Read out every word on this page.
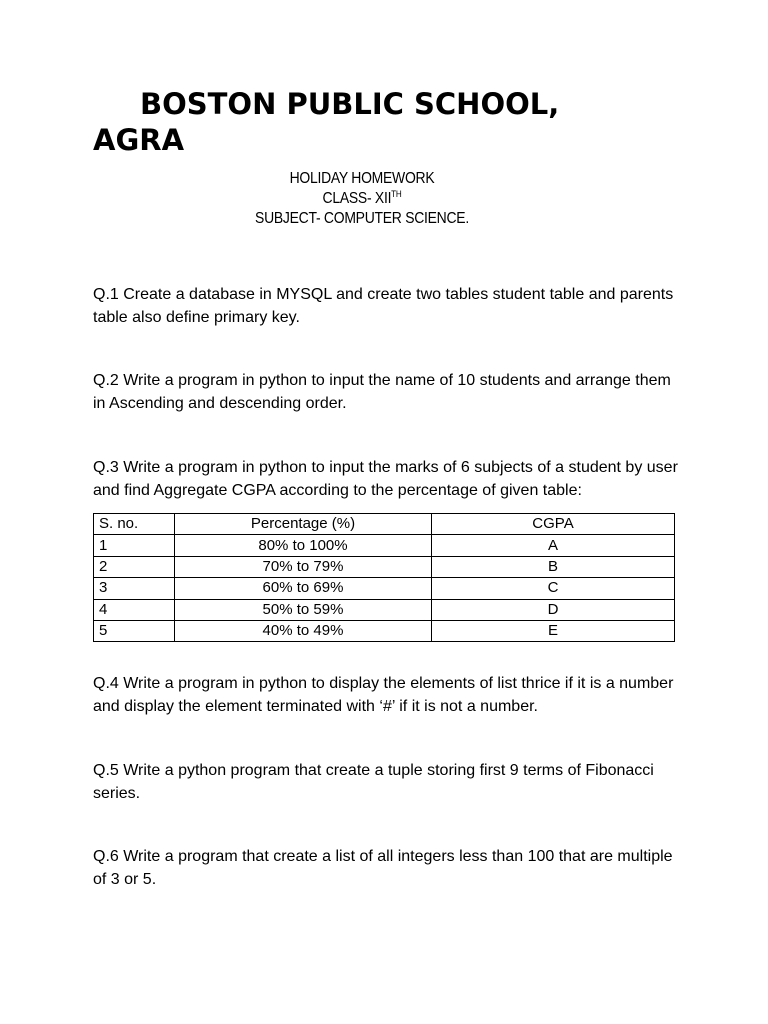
BOSTON PUBLIC SCHOOL, AGRA
HOLIDAY HOMEWORK
CLASS- XIITH
SUBJECT- COMPUTER SCIENCE.

Q.1 Create a database in MYSQL and create two tables student table and parents table also define primary key.

Q.2 Write a program in python to input the name of 10 students and arrange them in Ascending and descending order.

Q.3 Write a program in python to input the marks of 6 subjects of a student by user and find Aggregate CGPA according to the percentage of given table:

S. no.	Percentage (%)	CGPA
1	80% to 100%	A
2	70% to 79%	B
3	60% to 69%	C
4	50% to 59%	D
5	40% to 49%	E

Q.4 Write a program in python to display the elements of list thrice if it is a number and display the element terminated with ‘#’ if it is not a number.

Q.5 Write a python program that create a tuple storing first 9 terms of Fibonacci series.

Q.6 Write a program that create a list of all integers less than 100 that are multiple of 3 or 5.
